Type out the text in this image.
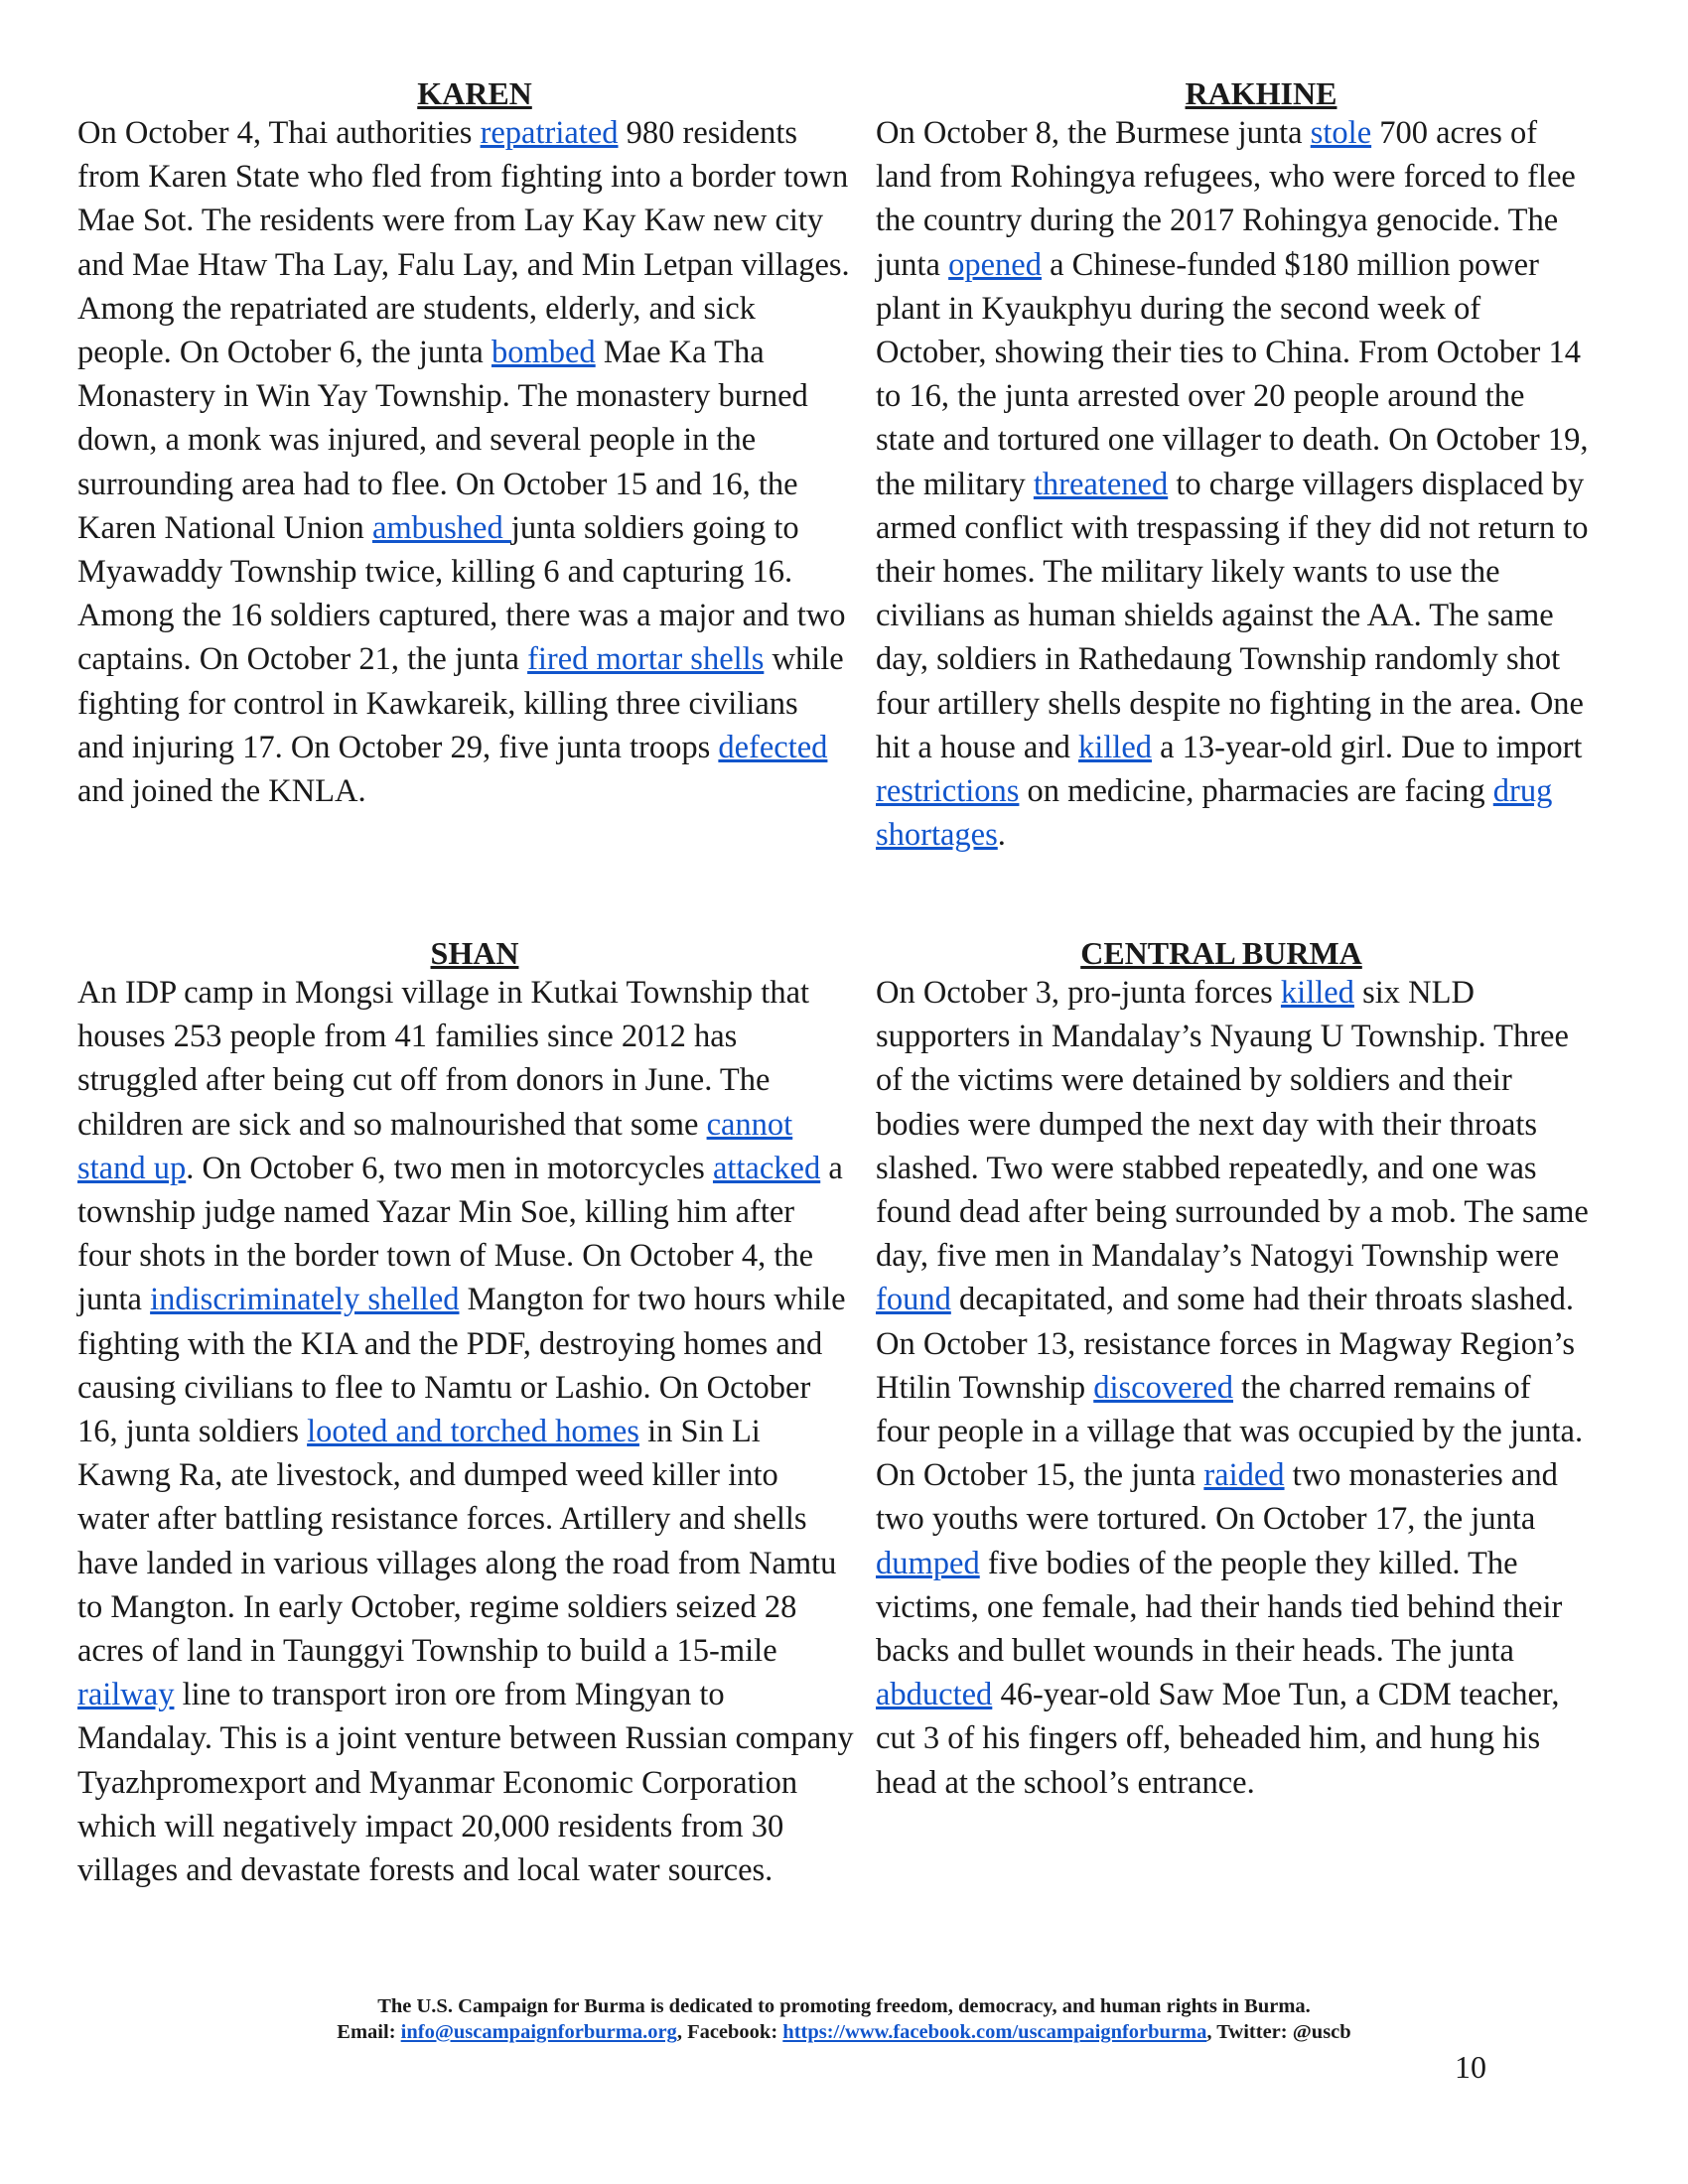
KAREN

On October 4, Thai authorities repatriated 980 residents from Karen State who fled from fighting into a border town Mae Sot. The residents were from Lay Kay Kaw new city and Mae Htaw Tha Lay, Falu Lay, and Min Letpan villages. Among the repatriated are students, elderly, and sick people. On October 6, the junta bombed Mae Ka Tha Monastery in Win Yay Township. The monastery burned down, a monk was injured, and several people in the surrounding area had to flee. On October 15 and 16, the Karen National Union ambushed junta soldiers going to Myawaddy Township twice, killing 6 and capturing 16. Among the 16 soldiers captured, there was a major and two captains. On October 21, the junta fired mortar shells while fighting for control in Kawkareik, killing three civilians and injuring 17. On October 29, five junta troops defected and joined the KNLA.

RAKHINE

On October 8, the Burmese junta stole 700 acres of land from Rohingya refugees, who were forced to flee the country during the 2017 Rohingya genocide. The junta opened a Chinese-funded $180 million power plant in Kyaukphyu during the second week of October, showing their ties to China. From October 14 to 16, the junta arrested over 20 people around the state and tortured one villager to death. On October 19, the military threatened to charge villagers displaced by armed conflict with trespassing if they did not return to their homes. The military likely wants to use the civilians as human shields against the AA. The same day, soldiers in Rathedaung Township randomly shot four artillery shells despite no fighting in the area. One hit a house and killed a 13-year-old girl. Due to import restrictions on medicine, pharmacies are facing drug shortages.

SHAN

An IDP camp in Mongsi village in Kutkai Township that houses 253 people from 41 families since 2012 has struggled after being cut off from donors in June. The children are sick and so malnourished that some cannot stand up. On October 6, two men in motorcycles attacked a township judge named Yazar Min Soe, killing him after four shots in the border town of Muse. On October 4, the junta indiscriminately shelled Mangton for two hours while fighting with the KIA and the PDF, destroying homes and causing civilians to flee to Namtu or Lashio. On October 16, junta soldiers looted and torched homes in Sin Li Kawng Ra, ate livestock, and dumped weed killer into water after battling resistance forces. Artillery and shells have landed in various villages along the road from Namtu to Mangton. In early October, regime soldiers seized 28 acres of land in Taunggyi Township to build a 15-mile railway line to transport iron ore from Mingyan to Mandalay. This is a joint venture between Russian company Tyazhpromexport and Myanmar Economic Corporation which will negatively impact 20,000 residents from 30 villages and devastate forests and local water sources.

CENTRAL BURMA

On October 3, pro-junta forces killed six NLD supporters in Mandalay’s Nyaung U Township. Three of the victims were detained by soldiers and their bodies were dumped the next day with their throats slashed. Two were stabbed repeatedly, and one was found dead after being surrounded by a mob. The same day, five men in Mandalay’s Natogyi Township were found decapitated, and some had their throats slashed. On October 13, resistance forces in Magway Region’s Htilin Township discovered the charred remains of four people in a village that was occupied by the junta. On October 15, the junta raided two monasteries and two youths were tortured. On October 17, the junta dumped five bodies of the people they killed. The victims, one female, had their hands tied behind their backs and bullet wounds in their heads. The junta abducted 46-year-old Saw Moe Tun, a CDM teacher, cut 3 of his fingers off, beheaded him, and hung his head at the school’s entrance.

The U.S. Campaign for Burma is dedicated to promoting freedom, democracy, and human rights in Burma.
Email: info@uscampaignforburma.org, Facebook: https://www.facebook.com/uscampaignforburma, Twitter: @uscb
10
